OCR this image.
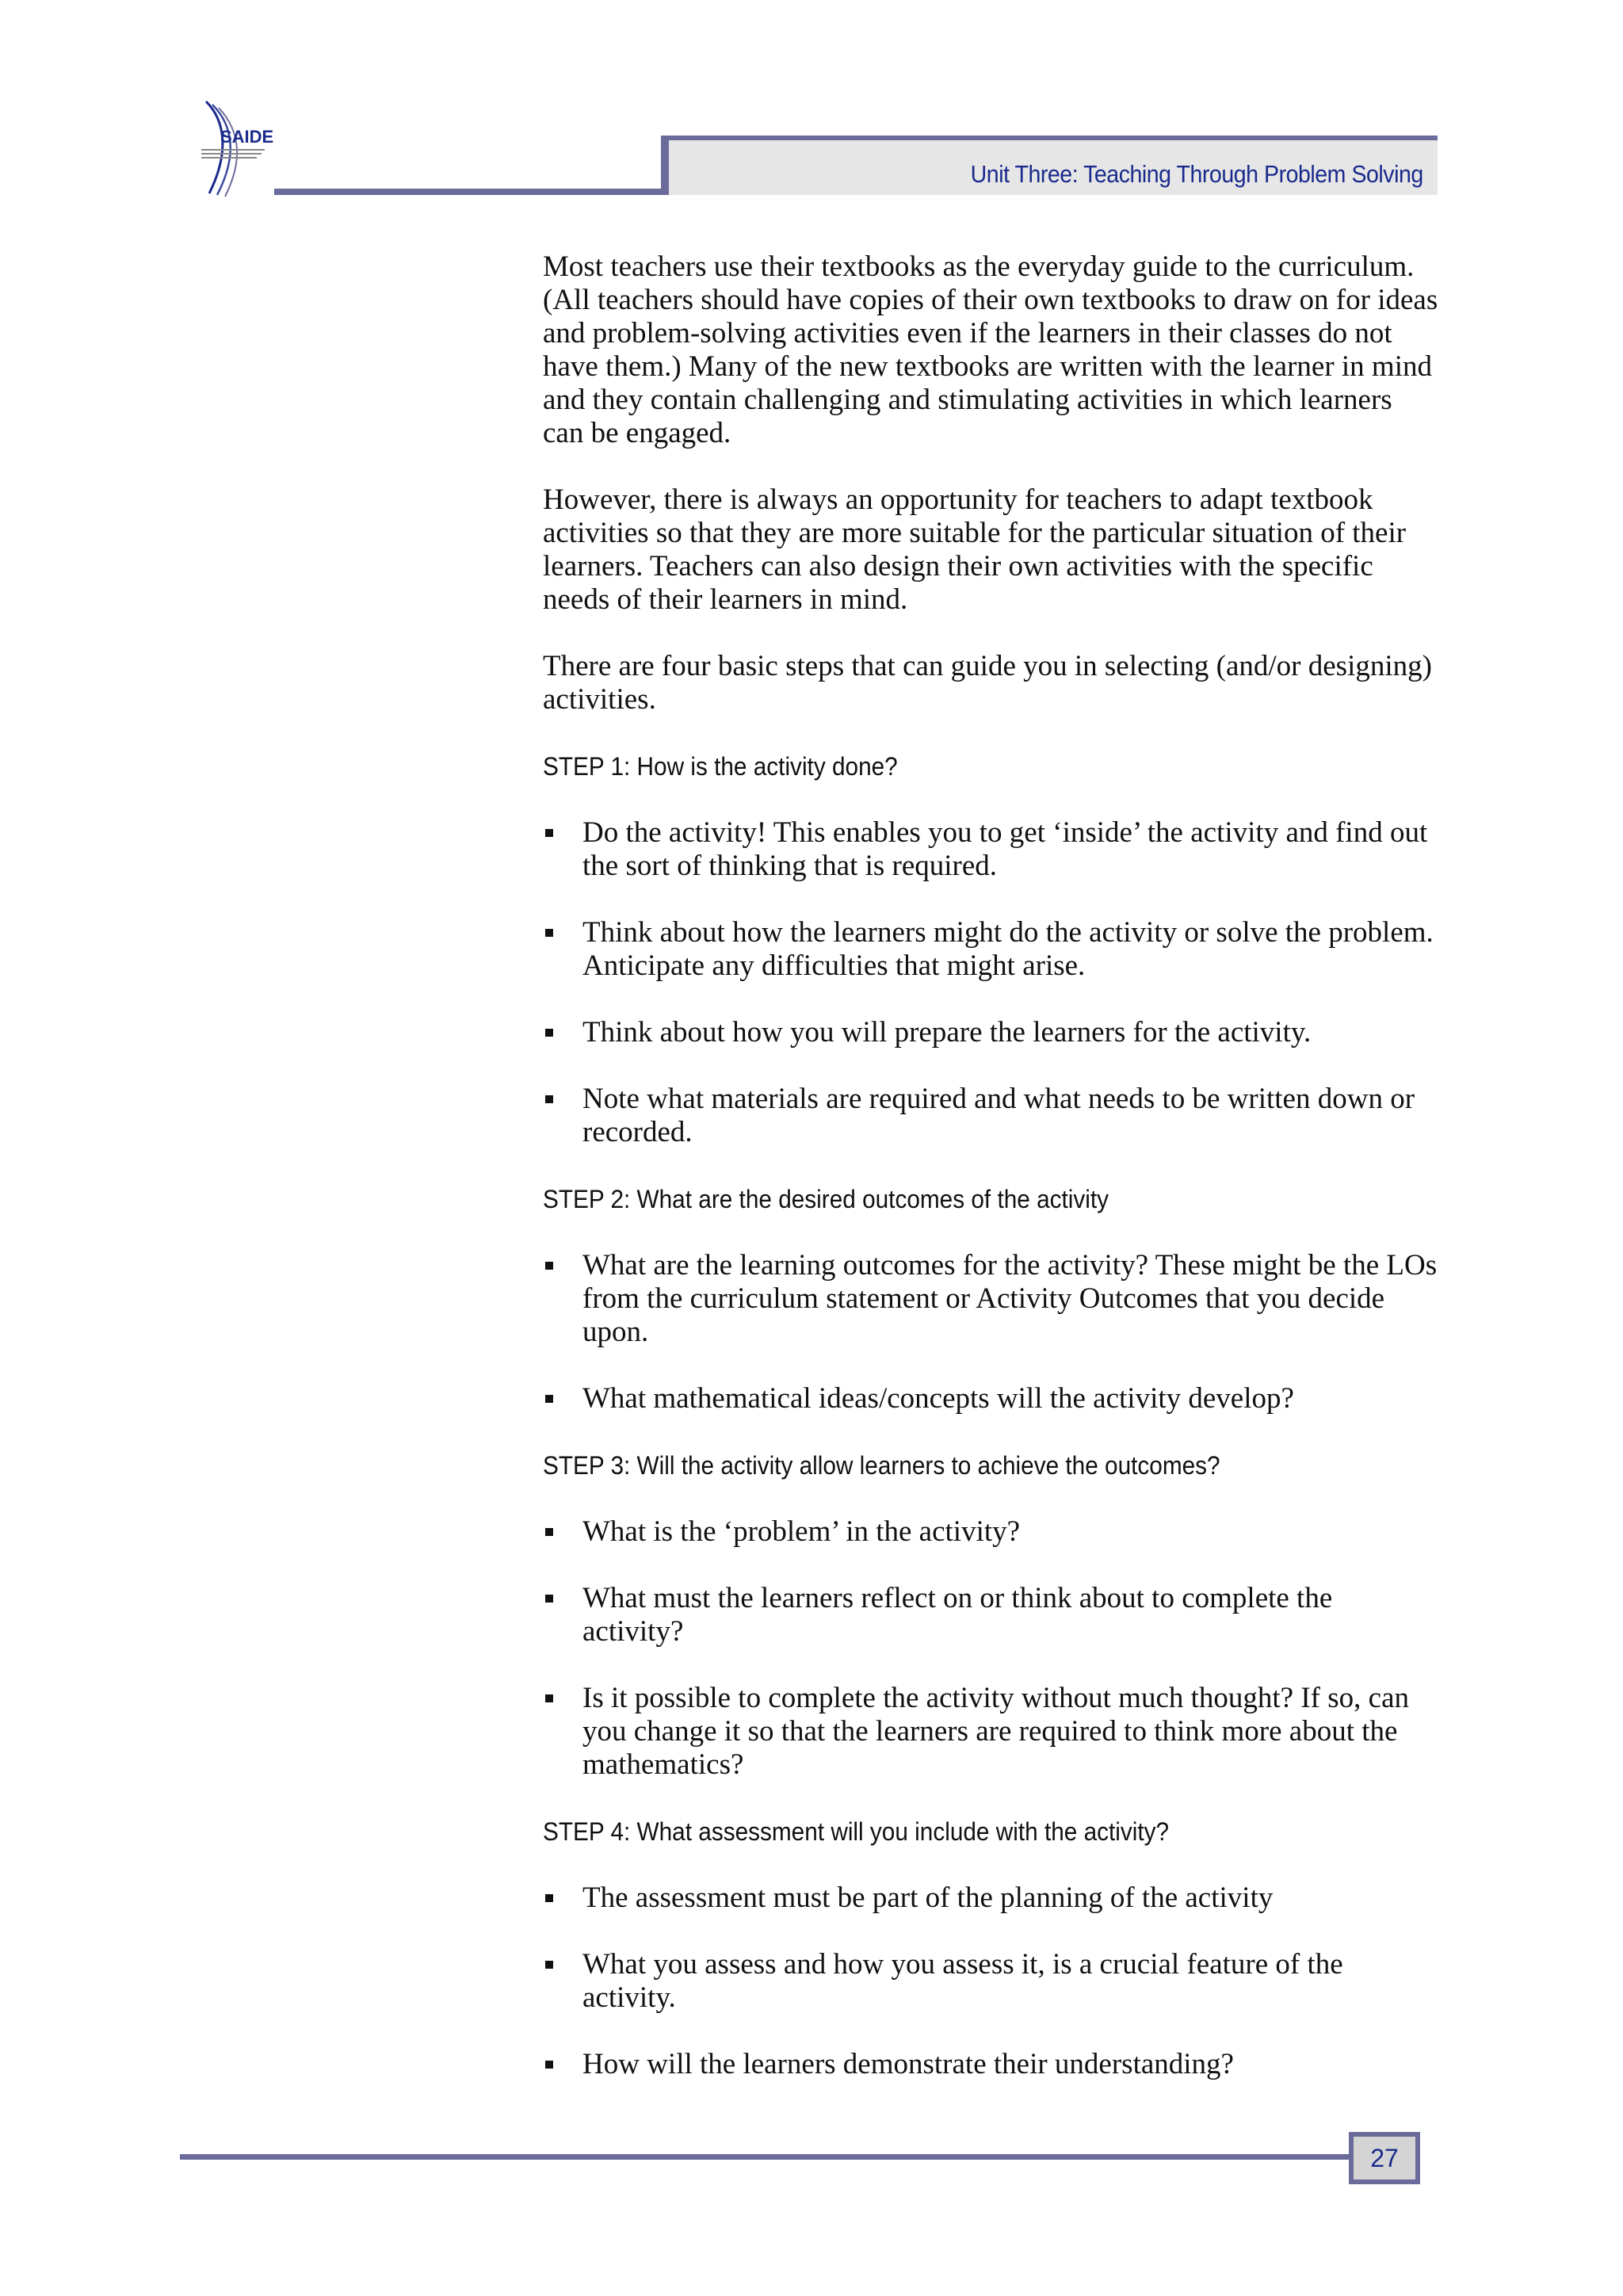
SAIDE
Unit Three: Teaching Through Problem Solving

Most teachers use their textbooks as the everyday guide to the curriculum. (All teachers should have copies of their own textbooks to draw on for ideas and problem-solving activities even if the learners in their classes do not have them.) Many of the new textbooks are written with the learner in mind and they contain challenging and stimulating activities in which learners can be engaged.

However, there is always an opportunity for teachers to adapt textbook activities so that they are more suitable for the particular situation of their learners. Teachers can also design their own activities with the specific needs of their learners in mind.

There are four basic steps that can guide you in selecting (and/or designing) activities.

STEP 1: How is the activity done?
Do the activity! This enables you to get ‘inside’ the activity and find out the sort of thinking that is required.
Think about how the learners might do the activity or solve the problem. Anticipate any difficulties that might arise.
Think about how you will prepare the learners for the activity.
Note what materials are required and what needs to be written down or recorded.
STEP 2: What are the desired outcomes of the activity
What are the learning outcomes for the activity? These might be the LOs from the curriculum statement or Activity Outcomes that you decide upon.
What mathematical ideas/concepts will the activity develop?
STEP 3: Will the activity allow learners to achieve the outcomes?
What is the ‘problem’ in the activity?
What must the learners reflect on or think about to complete the activity?
Is it possible to complete the activity without much thought? If so, can you change it so that the learners are required to think more about the mathematics?
STEP 4: What assessment will you include with the activity?
The assessment must be part of the planning of the activity
What you assess and how you assess it, is a crucial feature of the activity.
How will the learners demonstrate their understanding?
27
